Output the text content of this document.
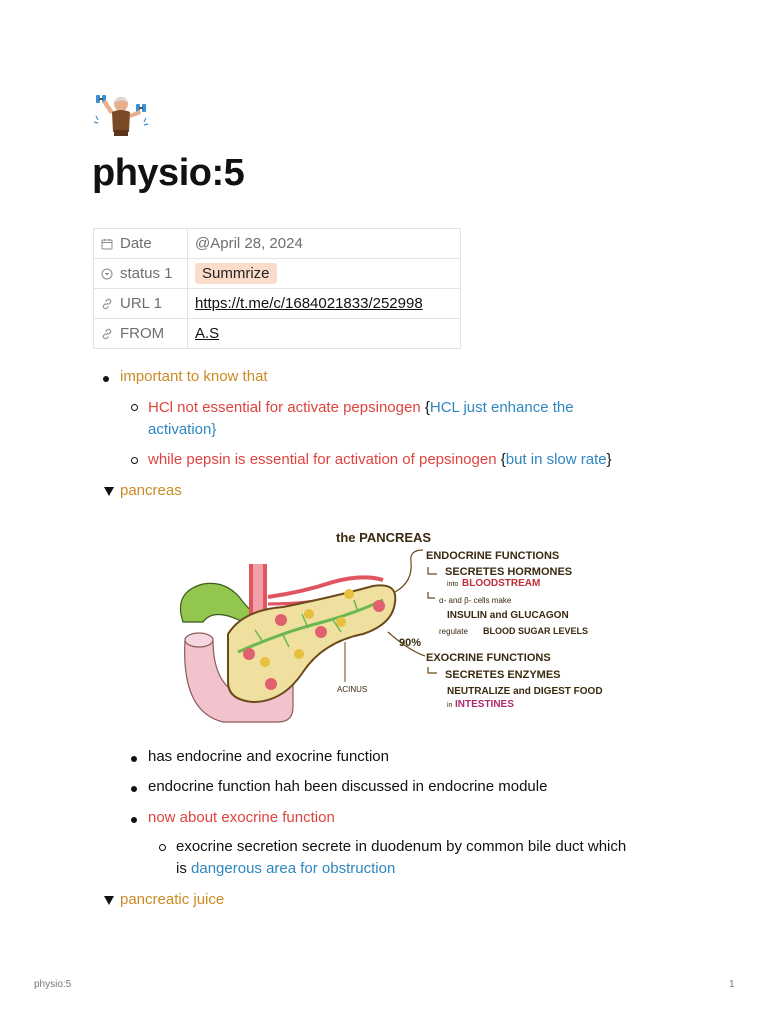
physio:5
Date	@April 28, 2024
status 1	Summrize
URL 1	https://t.me/c/1684021833/252998
FROM	A.S
important to know that
HCl not essential for activate pepsinogen {HCL just enhance the
activation}
while pepsin is essential for activation of pepsinogen {but in slow rate}
pancreas
the PANCREAS
ENDOCRINE FUNCTIONS
SECRETES HORMONES
into BLOODSTREAM
α- and β- cells make
INSULIN and GLUCAGON
regulate BLOOD SUGAR LEVELS
90%
EXOCRINE FUNCTIONS
SECRETES ENZYMES
NEUTRALIZE and DIGEST FOOD
in INTESTINES
ACINUS
has endocrine and exocrine function
endocrine function hah been discussed in endocrine module
now about exocrine function
exocrine secretion secrete in duodenum by common bile duct which
is dangerous area for obstruction
pancreatic juice
physio:5	1
